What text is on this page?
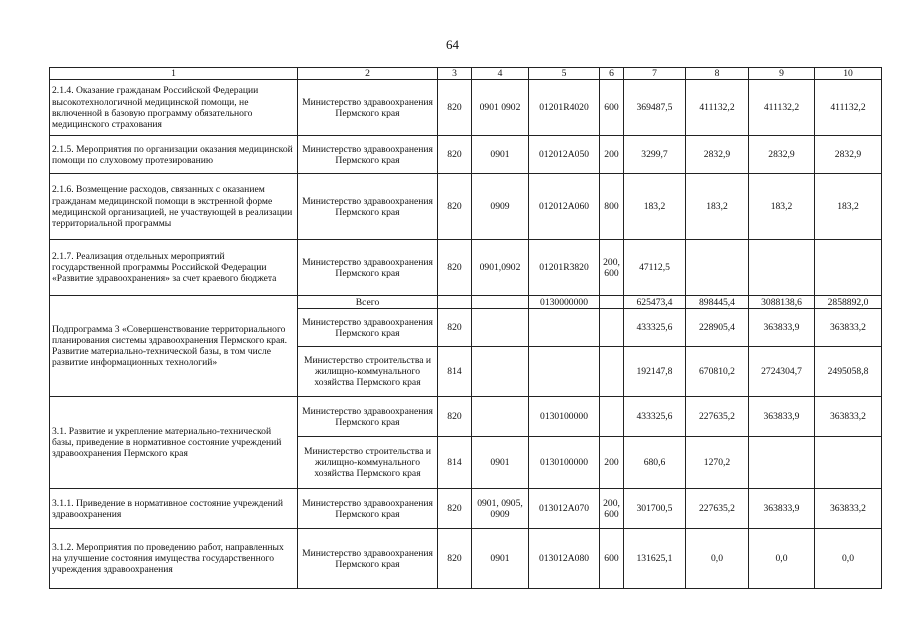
64
1	2	3	4	5	6	7	8	9	10
2.1.4. Оказание гражданам Российской Федерации высокотехнологичной медицинской помощи, не включенной в базовую программу обязательного медицинского страхования	Министерство здравоохранения Пермского края	820	0901 0902	01201R4020	600	369487,5	411132,2	411132,2	411132,2
2.1.5. Мероприятия по организации оказания медицинской помощи по слуховому протезированию	Министерство здравоохранения Пермского края	820	0901	012012А050	200	3299,7	2832,9	2832,9	2832,9
2.1.6. Возмещение расходов, связанных с оказанием гражданам медицинской помощи в экстренной форме медицинской организацией, не участвующей в реализации территориальной программы	Министерство здравоохранения Пермского края	820	0909	012012А060	800	183,2	183,2	183,2	183,2
2.1.7. Реализация отдельных мероприятий государственной программы Российской Федерации «Развитие здравоохранения» за счет краевого бюджета	Министерство здравоохранения Пермского края	820	0901,0902	01201R3820	200, 600	47112,5			
Подпрограмма 3 «Совершенствование территориального планирования системы здравоохранения Пермского края. Развитие материально-технической базы, в том числе развитие информационных технологий»	Всего			0130000000		625473,4	898445,4	3088138,6	2858892,0
	Министерство здравоохранения Пермского края	820				433325,6	228905,4	363833,9	363833,2
	Министерство строительства и жилищно-коммунального хозяйства Пермского края	814				192147,8	670810,2	2724304,7	2495058,8
3.1. Развитие и укрепление материально-технической базы, приведение в нормативное состояние учреждений здравоохранения Пермского края	Министерство здравоохранения Пермского края	820		0130100000		433325,6	227635,2	363833,9	363833,2
	Министерство строительства и жилищно-коммунального хозяйства Пермского края	814	0901	0130100000	200	680,6	1270,2		
3.1.1. Приведение в нормативное состояние учреждений здравоохранения	Министерство здравоохранения Пермского края	820	0901, 0905, 0909	013012А070	200, 600	301700,5	227635,2	363833,9	363833,2
3.1.2. Мероприятия по проведению работ, направленных на улучшение состояния имущества государственного учреждения здравоохранения	Министерство здравоохранения Пермского края	820	0901	013012А080	600	131625,1	0,0	0,0	0,0
